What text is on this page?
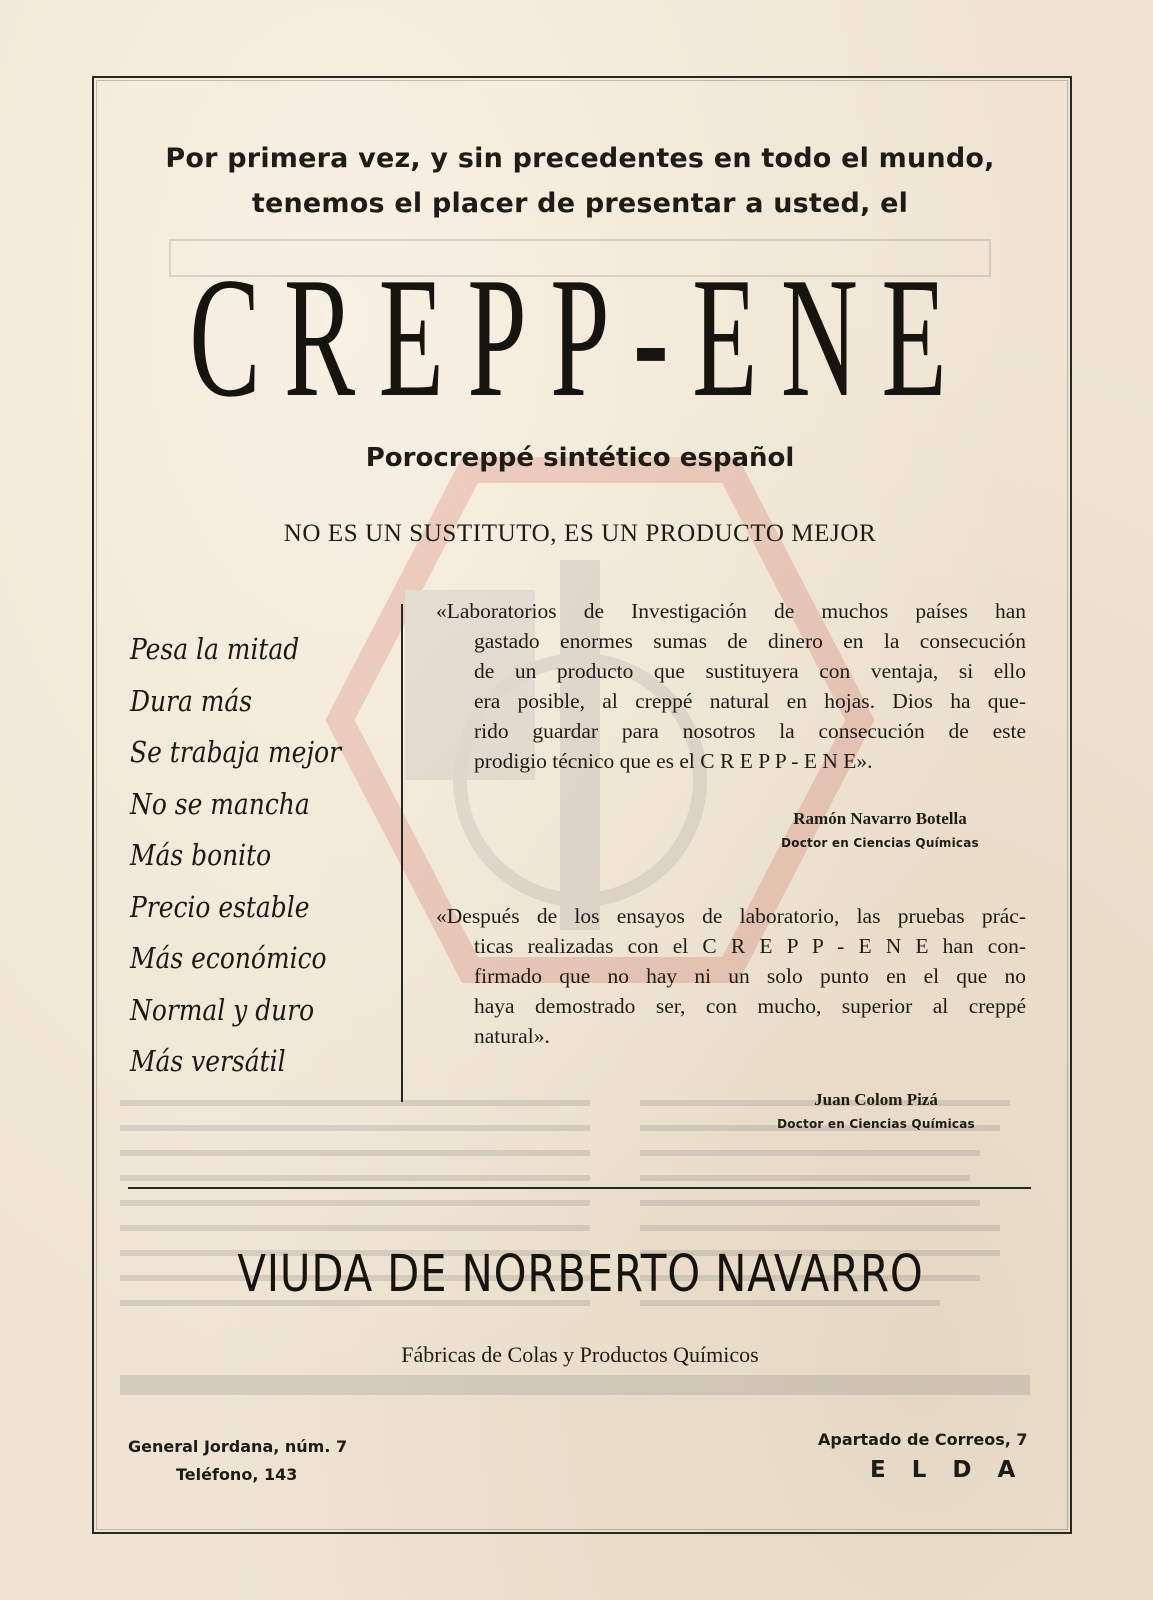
Por primera vez, y sin precedentes en todo el mundo,
tenemos el placer de presentar a usted, el
CREPP-ENE
Porocreppé sintético español
NO ES UN SUSTITUTO, ES UN PRODUCTO MEJOR
Pesa la mitad
Dura más
Se trabaja mejor
No se mancha
Más bonito
Precio estable
Más económico
Normal y duro
Más versátil
«Laboratorios de Investigación de muchos países han
gastado enormes sumas de dinero en la consecución
de un producto que sustituyera con ventaja, si ello
era posible, al creppé natural en hojas. Dios ha que-
rido guardar para nosotros la consecución de este
prodigio técnico que es el C R E P P - E N E».
Ramón Navarro Botella
Doctor en Ciencias Químicas
«Después de los ensayos de laboratorio, las pruebas prác-
ticas realizadas con el C R E P P - E N E han con-
firmado que no hay ni un solo punto en el que no
haya demostrado ser, con mucho, superior al creppé
natural».
Juan Colom Pizá
Doctor en Ciencias Químicas
VIUDA DE NORBERTO NAVARRO
Fábricas de Colas y Productos Químicos
General Jordana, núm. 7
Teléfono, 143
Apartado de Correos, 7
E L D A
